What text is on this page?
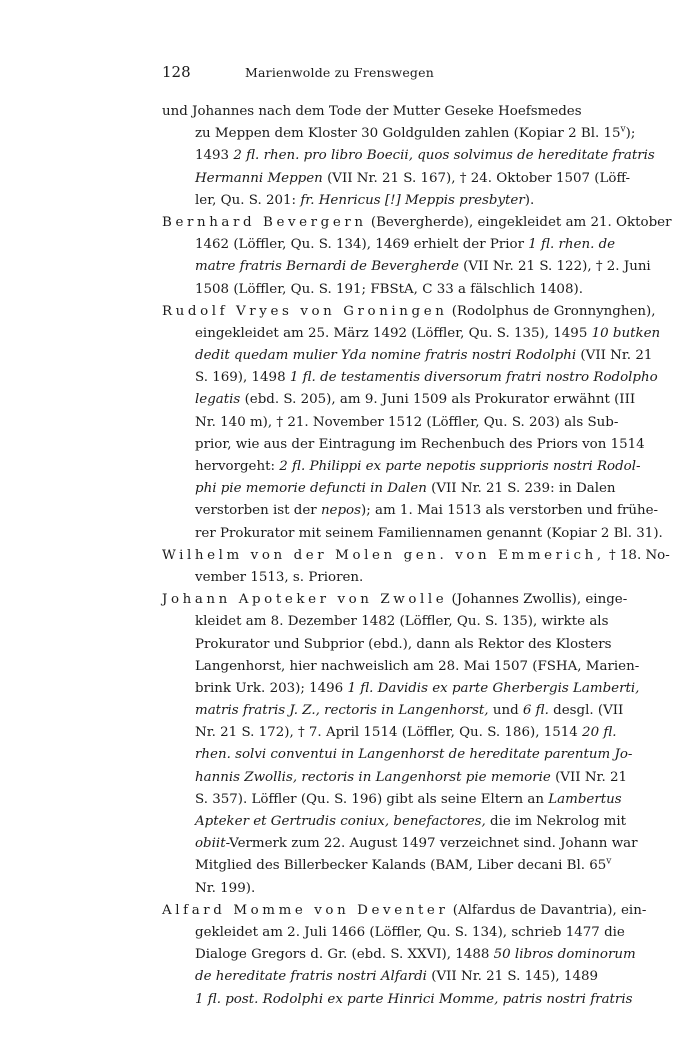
128	Marienwolde zu Frenswegen
und Johannes nach dem Tode der Mutter Geseke Hoefsmedes
zu Meppen dem Kloster 30 Goldgulden zahlen (Kopiar 2 Bl. 15$^v$);
1493 2 fl. rhen. pro libro Boecii, quos solvimus de hereditate fratris
Hermanni Meppen (VII Nr. 21 S. 167), † 24. Oktober 1507 (Löff-
ler, Qu. S. 201: fr. Henricus [!] Meppis presbyter).
Bernhard Bevergern (Bevergherde), eingekleidet am 21. Oktober
1462 (Löffler, Qu. S. 134), 1469 erhielt der Prior 1 fl. rhen. de
matre fratris Bernardi de Bevergherde (VII Nr. 21 S. 122), † 2. Juni
1508 (Löffler, Qu. S. 191; FBStA, C 33 a fälschlich 1408).
Rudolf Vryes von Groningen (Rodolphus de Gronnynghen),
eingekleidet am 25. März 1492 (Löffler, Qu. S. 135), 1495 10 butken
dedit quedam mulier Yda nomine fratris nostri Rodolphi (VII Nr. 21
S. 169), 1498 1 fl. de testamentis diversorum fratri nostro Rodolpho
legatis (ebd. S. 205), am 9. Juni 1509 als Prokurator erwähnt (III
Nr. 140 m), † 21. November 1512 (Löffler, Qu. S. 203) als Sub-
prior, wie aus der Eintragung im Rechenbuch des Priors von 1514
hervorgeht: 2 fl. Philippi ex parte nepotis supprioris nostri Rodol-
phi pie memorie defuncti in Dalen (VII Nr. 21 S. 239: in Dalen
verstorben ist der nepos); am 1. Mai 1513 als verstorben und frühe-
rer Prokurator mit seinem Familiennamen genannt (Kopiar 2 Bl. 31).
Wilhelm von der Molen gen. von Emmerich, † 18. No-
vember 1513, s. Prioren.
Johann Apoteker von Zwolle (Johannes Zwollis), einge-
kleidet am 8. Dezember 1482 (Löffler, Qu. S. 135), wirkte als
Prokurator und Subprior (ebd.), dann als Rektor des Klosters
Langenhorst, hier nachweislich am 28. Mai 1507 (FSHA, Marien-
brink Urk. 203); 1496 1 fl. Davidis ex parte Gherbergis Lamberti,
matris fratris J. Z., rectoris in Langenhorst, und 6 fl. desgl. (VII
Nr. 21 S. 172), † 7. April 1514 (Löffler, Qu. S. 186), 1514 20 fl.
rhen. solvi conventui in Langenhorst de hereditate parentum Jo-
hannis Zwollis, rectoris in Langenhorst pie memorie (VII Nr. 21
S. 357). Löffler (Qu. S. 196) gibt als seine Eltern an Lambertus
Apteker et Gertrudis coniux, benefactores, die im Nekrolog mit
obiit-Vermerk zum 22. August 1497 verzeichnet sind. Johann war
Mitglied des Billerbecker Kalands (BAM, Liber decani Bl. 65$^v$
Nr. 199).
Alfard Momme von Deventer (Alfardus de Davantria), ein-
gekleidet am 2. Juli 1466 (Löffler, Qu. S. 134), schrieb 1477 die
Dialoge Gregors d. Gr. (ebd. S. XXVI), 1488 50 libros dominorum
de hereditate fratris nostri Alfardi (VII Nr. 21 S. 145), 1489
1 fl. post. Rodolphi ex parte Hinrici Momme, patris nostri fratris
